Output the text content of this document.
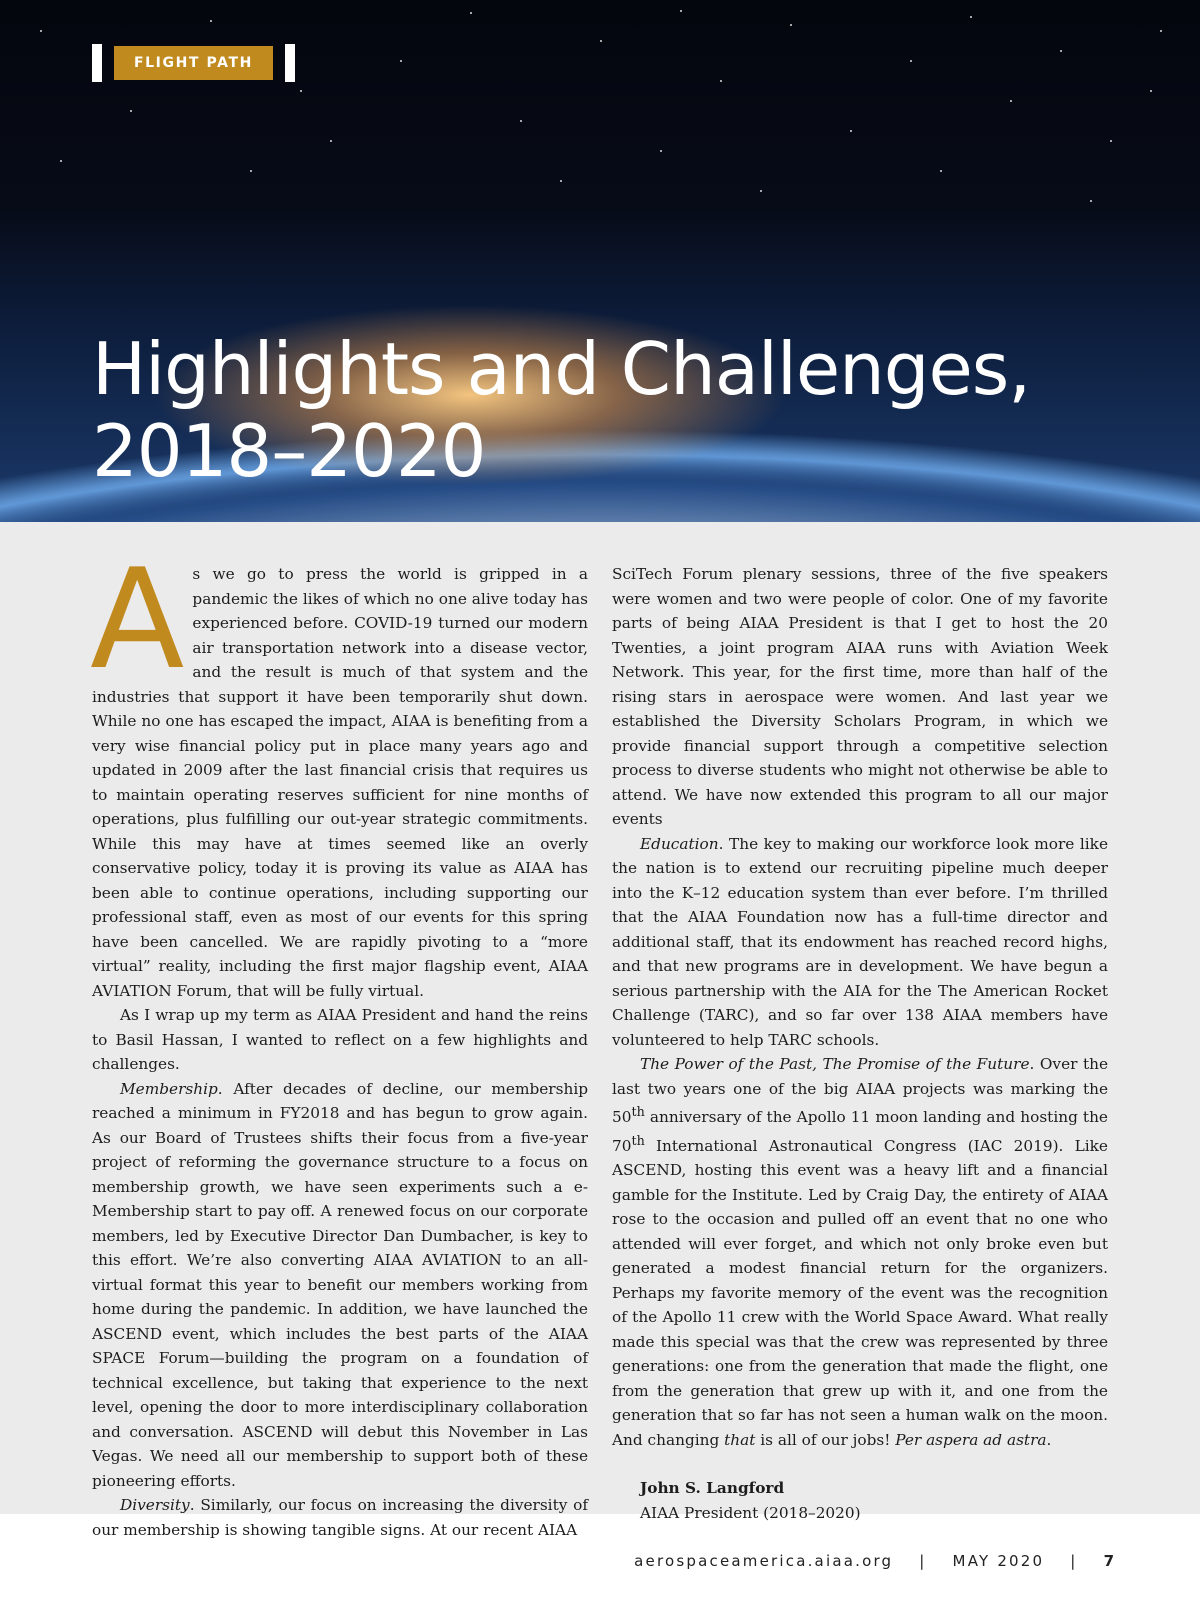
FLIGHT PATH
Highlights and Challenges,
2018–2020

As we go to press the world is gripped in a pandemic the likes of which no one alive today has experienced before. COVID-19 turned our modern air transportation network into a disease vector, and the result is much of that system and the industries that support it have been temporarily shut down. While no one has escaped the impact, AIAA is benefiting from a very wise financial policy put in place many years ago and updated in 2009 after the last financial crisis that requires us to maintain operating reserves sufficient for nine months of operations, plus fulfilling our out-year strategic commitments. While this may have at times seemed like an overly conservative policy, today it is proving its value as AIAA has been able to continue operations, including supporting our professional staff, even as most of our events for this spring have been cancelled. We are rapidly pivoting to a “more virtual” reality, including the first major flagship event, AIAA AVIATION Forum, that will be fully virtual.

As I wrap up my term as AIAA President and hand the reins to Basil Hassan, I wanted to reflect on a few highlights and challenges.

Membership. After decades of decline, our membership reached a minimum in FY2018 and has begun to grow again. As our Board of Trustees shifts their focus from a five-year project of reforming the governance structure to a focus on membership growth, we have seen experiments such a e-Membership start to pay off. A renewed focus on our corporate members, led by Executive Director Dan Dumbacher, is key to this effort. We’re also converting AIAA AVIATION to an all-virtual format this year to benefit our members working from home during the pandemic. In addition, we have launched the ASCEND event, which includes the best parts of the AIAA SPACE Forum—building the program on a foundation of technical excellence, but taking that experience to the next level, opening the door to more interdisciplinary collaboration and conversation. ASCEND will debut this November in Las Vegas. We need all our membership to support both of these pioneering efforts.

Diversity. Similarly, our focus on increasing the diversity of our membership is showing tangible signs. At our recent AIAA

SciTech Forum plenary sessions, three of the five speakers were women and two were people of color. One of my favorite parts of being AIAA President is that I get to host the 20 Twenties, a joint program AIAA runs with Aviation Week Network. This year, for the first time, more than half of the rising stars in aerospace were women. And last year we established the Diversity Scholars Program, in which we provide financial support through a competitive selection process to diverse students who might not otherwise be able to attend. We have now extended this program to all our major events

Education. The key to making our workforce look more like the nation is to extend our recruiting pipeline much deeper into the K–12 education system than ever before. I’m thrilled that the AIAA Foundation now has a full-time director and additional staff, that its endowment has reached record highs, and that new programs are in development. We have begun a serious partnership with the AIA for the The American Rocket Challenge (TARC), and so far over 138 AIAA members have volunteered to help TARC schools.

The Power of the Past, The Promise of the Future. Over the last two years one of the big AIAA projects was marking the 50th anniversary of the Apollo 11 moon landing and hosting the 70th International Astronautical Congress (IAC 2019). Like ASCEND, hosting this event was a heavy lift and a financial gamble for the Institute. Led by Craig Day, the entirety of AIAA rose to the occasion and pulled off an event that no one who attended will ever forget, and which not only broke even but generated a modest financial return for the organizers. Perhaps my favorite memory of the event was the recognition of the Apollo 11 crew with the World Space Award. What really made this special was that the crew was represented by three generations: one from the generation that made the flight, one from the generation that grew up with it, and one from the generation that so far has not seen a human walk on the moon. And changing that is all of our jobs! Per aspera ad astra.

John S. Langford
AIAA President (2018–2020)

aerospaceamerica.aiaa.org | MAY 2020 | 7
